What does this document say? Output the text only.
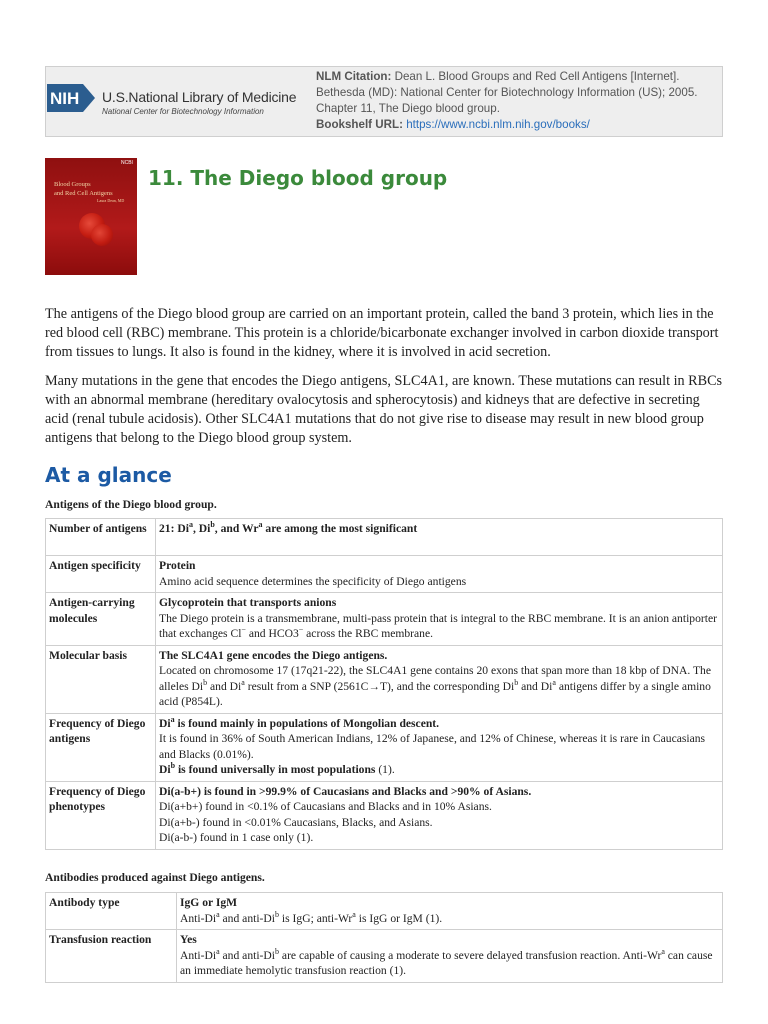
NIH U.S.National Library of Medicine
National Center for Biotechnology Information
NLM Citation: Dean L. Blood Groups and Red Cell Antigens [Internet]. Bethesda (MD): National Center for Biotechnology Information (US); 2005. Chapter 11, The Diego blood group.
Bookshelf URL: https://www.ncbi.nlm.nih.gov/books/
NCBI
Blood Groups
and Red Cell Antigens
Laura Dean, MD
11. The Diego blood group

The antigens of the Diego blood group are carried on an important protein, called the band 3 protein, which lies in the red blood cell (RBC) membrane. This protein is a chloride/bicarbonate exchanger involved in carbon dioxide transport from tissues to lungs. It also is found in the kidney, where it is involved in acid secretion.

Many mutations in the gene that encodes the Diego antigens, SLC4A1, are known. These mutations can result in RBCs with an abnormal membrane (hereditary ovalocytosis and spherocytosis) and kidneys that are defective in secreting acid (renal tubule acidosis). Other SLC4A1 mutations that do not give rise to disease may result in new blood group antigens that belong to the Diego blood group system.

At a glance
Antigens of the Diego blood group.
Number of antigens	21: Di$^a$, Di$^b$, and Wr$^a$ are among the most significant
Antigen specificity	Protein
Amino acid sequence determines the specificity of Diego antigens

Antigen-carrying molecules	Glycoprotein that transports anions
The Diego protein is a transmembrane, multi-pass protein that is integral to the RBC membrane. It is an anion antiporter that exchanges Cl− and HCO3− across the RBC membrane.

Molecular basis	The SLC4A1 gene encodes the Diego antigens.
Located on chromosome 17 (17q21-22), the SLC4A1 gene contains 20 exons that span more than 18 kbp of DNA. The alleles Di$^b$ and Di$^a$ result from a SNP (2561C→T), and the corresponding Di$^b$ and Di$^a$ antigens differ by a single amino acid (P854L).

Frequency of Diego antigens	Di$^a$ is found mainly in populations of Mongolian descent.
It is found in 36% of South American Indians, 12% of Japanese, and 12% of Chinese, whereas it is rare in Caucasians and Blacks (0.01%).
Di$^b$ is found universally in most populations (1).

Frequency of Diego phenotypes	Di(a-b+) is found in >99.9% of Caucasians and Blacks and >90% of Asians.
Di(a+b+) found in <0.1% of Caucasians and Blacks and in 10% Asians.
Di(a+b-) found in <0.01% Caucasians, Blacks, and Asians.
Di(a-b-) found in 1 case only (1).
Antibodies produced against Diego antigens.
Antibody type	IgG or IgM
Anti-Di$^a$ and anti-Di$^b$ is IgG; anti-Wr$^a$ is IgG or IgM (1).

Transfusion reaction	Yes
Anti-Di$^a$ and anti-Di$^b$ are capable of causing a moderate to severe delayed transfusion reaction. Anti-Wr$^a$ can cause an immediate hemolytic transfusion reaction (1).
